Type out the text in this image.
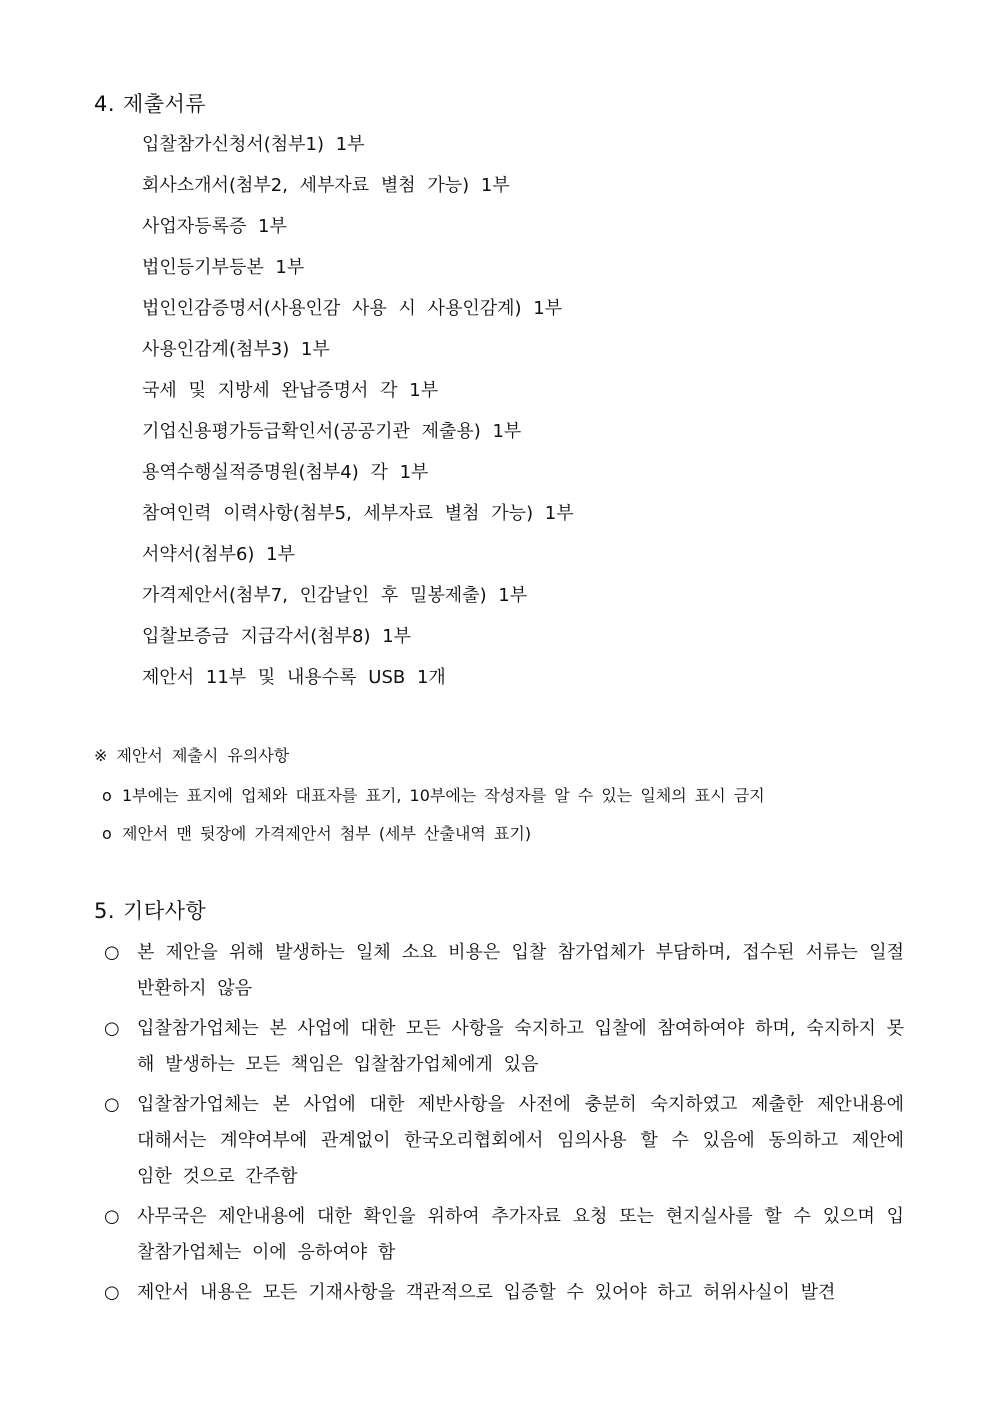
4. 제출서류
입찰참가신청서(첨부1) 1부
회사소개서(첨부2, 세부자료 별첨 가능) 1부
사업자등록증 1부
법인등기부등본 1부
법인인감증명서(사용인감 사용 시 사용인감계) 1부
사용인감계(첨부3) 1부
국세 및 지방세 완납증명서 각 1부
기업신용평가등급확인서(공공기관 제출용) 1부
용역수행실적증명원(첨부4) 각 1부
참여인력 이력사항(첨부5, 세부자료 별첨 가능) 1부
서약서(첨부6) 1부
가격제안서(첨부7, 인감날인 후 밀봉제출) 1부
입찰보증금 지급각서(첨부8) 1부
제안서 11부 및 내용수록 USB 1개
※ 제안서 제출시 유의사항
o 1부에는 표지에 업체와 대표자를 표기, 10부에는 작성자를 알 수 있는 일체의 표시 금지
o 제안서 맨 뒷장에 가격제안서 첨부 (세부 산출내역 표기)
5. 기타사항
○ 본 제안을 위해 발생하는 일체 소요 비용은 입찰 참가업체가 부담하며, 접수된 서류는 일절 반환하지 않음
○ 입찰참가업체는 본 사업에 대한 모든 사항을 숙지하고 입찰에 참여하여야 하며, 숙지하지 못해 발생하는 모든 책임은 입찰참가업체에게 있음
○ 입찰참가업체는 본 사업에 대한 제반사항을 사전에 충분히 숙지하였고 제출한 제안내용에 대해서는 계약여부에 관계없이 한국오리협회에서 임의사용 할 수 있음에 동의하고 제안에 임한 것으로 간주함
○ 사무국은 제안내용에 대한 확인을 위하여 추가자료 요청 또는 현지실사를 할 수 있으며 입찰참가업체는 이에 응하여야 함
○ 제안서 내용은 모든 기재사항을 객관적으로 입증할 수 있어야 하고 허위사실이 발견
